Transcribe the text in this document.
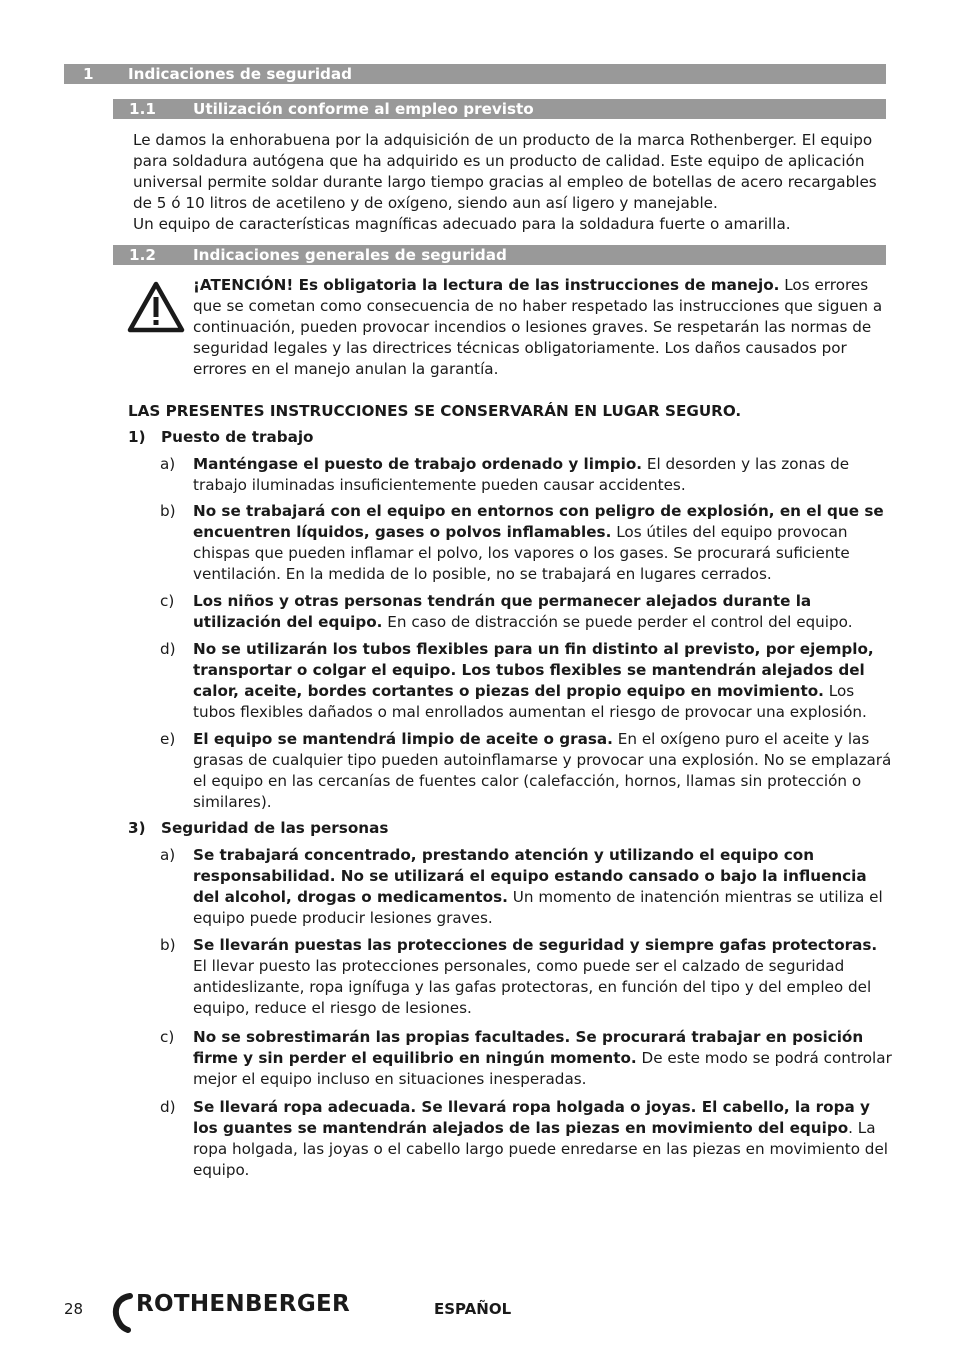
1 Indicaciones de seguridad
1.1 Utilización conforme al empleo previsto
Le damos la enhorabuena por la adquisición de un producto de la marca Rothenberger. El equipo para soldadura autógena que ha adquirido es un producto de calidad. Este equipo de aplicación universal permite soldar durante largo tiempo gracias al empleo de botellas de acero recargables de 5 ó 10 litros de acetileno y de oxígeno, siendo aun así ligero y manejable.
Un equipo de características magníficas adecuado para la soldadura fuerte o amarilla.
1.2 Indicaciones generales de seguridad
¡ATENCIÓN! Es obligatoria la lectura de las instrucciones de manejo. Los errores que se cometan como consecuencia de no haber respetado las instrucciones que siguen a continuación, pueden provocar incendios o lesiones graves. Se respetarán las normas de seguridad legales y las directrices técnicas obligatoriamente. Los daños causados por errores en el manejo anulan la garantía.
LAS PRESENTES INSTRUCCIONES SE CONSERVARÁN EN LUGAR SEGURO.
1) Puesto de trabajo
a) Manténgase el puesto de trabajo ordenado y limpio. El desorden y las zonas de trabajo iluminadas insuficientemente pueden causar accidentes.
b) No se trabajará con el equipo en entornos con peligro de explosión, en el que se encuentren líquidos, gases o polvos inflamables. Los útiles del equipo provocan chispas que pueden inflamar el polvo, los vapores o los gases. Se procurará suficiente ventilación. En la medida de lo posible, no se trabajará en lugares cerrados.
c) Los niños y otras personas tendrán que permanecer alejados durante la utilización del equipo. En caso de distracción se puede perder el control del equipo.
d) No se utilizarán los tubos flexibles para un fin distinto al previsto, por ejemplo, transportar o colgar el equipo. Los tubos flexibles se mantendrán alejados del calor, aceite, bordes cortantes o piezas del propio equipo en movimiento. Los tubos flexibles dañados o mal enrollados aumentan el riesgo de provocar una explosión.
e) El equipo se mantendrá limpio de aceite o grasa. En el oxígeno puro el aceite y las grasas de cualquier tipo pueden autoinflamarse y provocar una explosión. No se emplazará el equipo en las cercanías de fuentes calor (calefacción, hornos, llamas sin protección o similares).
3) Seguridad de las personas
a) Se trabajará concentrado, prestando atención y utilizando el equipo con responsabilidad. No se utilizará el equipo estando cansado o bajo la influencia del alcohol, drogas o medicamentos. Un momento de inatención mientras se utiliza el equipo puede producir lesiones graves.
b) Se llevarán puestas las protecciones de seguridad y siempre gafas protectoras. El llevar puesto las protecciones personales, como puede ser el calzado de seguridad antideslizante, ropa ignífuga y las gafas protectoras, en función del tipo y del empleo del equipo, reduce el riesgo de lesiones.
c) No se sobrestimarán las propias facultades. Se procurará trabajar en posición firme y sin perder el equilibrio en ningún momento. De este modo se podrá controlar mejor el equipo incluso en situaciones inesperadas.
d) Se llevará ropa adecuada. Se llevará ropa holgada o joyas. El cabello, la ropa y los guantes se mantendrán alejados de las piezas en movimiento del equipo. La ropa holgada, las joyas o el cabello largo puede enredarse en las piezas en movimiento del equipo.
28 ROTHENBERGER	ESPAÑOL
